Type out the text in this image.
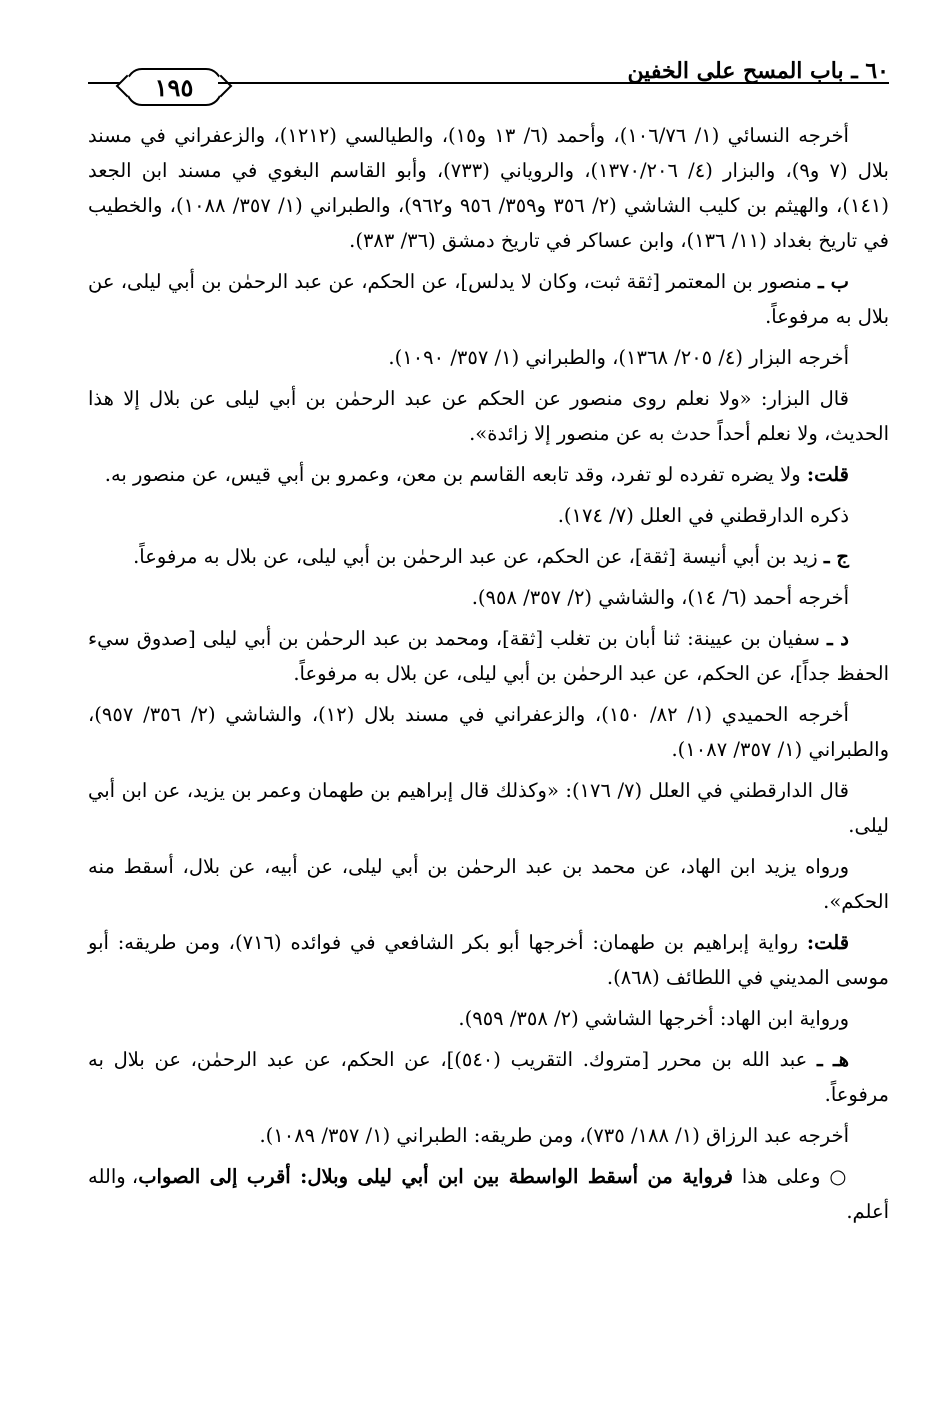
١٩٥
٦٠ ـ باب المسح على الخفين

أخرجه النسائي (١/ ١٠٦/٧٦)، وأحمد (٦/ ١٣ و١٥)، والطيالسي (١٢١٢)، والزعفراني في مسند بلال (٧ و٩)، والبزار (٤/ ١٣٧٠/٢٠٦)، والروياني (٧٣٣)، وأبو القاسم البغوي في مسند ابن الجعد (١٤١)، والهيثم بن كليب الشاشي (٢/ ٣٥٦ و٣٥٩/ ٩٥٦ و٩٦٢)، والطبراني (١/ ٣٥٧/ ١٠٨٨)، والخطيب في تاريخ بغداد (١١/ ١٣٦)، وابن عساكر في تاريخ دمشق (٣٦/ ٣٨٣).

ب ـ منصور بن المعتمر [ثقة ثبت، وكان لا يدلس]، عن الحكم، عن عبد الرحمٰن بن أبي ليلى، عن بلال به مرفوعاً.

أخرجه البزار (٤/ ٢٠٥/ ١٣٦٨)، والطبراني (١/ ٣٥٧/ ١٠٩٠).

قال البزار: «ولا نعلم روى منصور عن الحكم عن عبد الرحمٰن بن أبي ليلى عن بلال إلا هذا الحديث، ولا نعلم أحداً حدث به عن منصور إلا زائدة».

قلت: ولا يضره تفرده لو تفرد، وقد تابعه القاسم بن معن، وعمرو بن أبي قيس، عن منصور به.

ذكره الدارقطني في العلل (٧/ ١٧٤).

ج ـ زيد بن أبي أنيسة [ثقة]، عن الحكم، عن عبد الرحمٰن بن أبي ليلى، عن بلال به مرفوعاً.

أخرجه أحمد (٦/ ١٤)، والشاشي (٢/ ٣٥٧/ ٩٥٨).

د ـ سفيان بن عيينة: ثنا أبان بن تغلب [ثقة]، ومحمد بن عبد الرحمٰن بن أبي ليلى [صدوق سيء الحفظ جداً]، عن الحكم، عن عبد الرحمٰن بن أبي ليلى، عن بلال به مرفوعاً.

أخرجه الحميدي (١/ ٨٢/ ١٥٠)، والزعفراني في مسند بلال (١٢)، والشاشي (٢/ ٣٥٦/ ٩٥٧)، والطبراني (١/ ٣٥٧/ ١٠٨٧).

قال الدارقطني في العلل (٧/ ١٧٦): «وكذلك قال إبراهيم بن طهمان وعمر بن يزيد، عن ابن أبي ليلى.

ورواه يزيد ابن الهاد، عن محمد بن عبد الرحمٰن بن أبي ليلى، عن أبيه، عن بلال، أسقط منه الحكم».

قلت: رواية إبراهيم بن طهمان: أخرجها أبو بكر الشافعي في فوائده (٧١٦)، ومن طريقه: أبو موسى المديني في اللطائف (٨٦٨).

ورواية ابن الهاد: أخرجها الشاشي (٢/ ٣٥٨/ ٩٥٩).

هـ ـ عبد الله بن محرر [متروك. التقريب (٥٤٠)]، عن الحكم، عن عبد الرحمٰن، عن بلال به مرفوعاً.

أخرجه عبد الرزاق (١/ ١٨٨/ ٧٣٥)، ومن طريقه: الطبراني (١/ ٣٥٧/ ١٠٨٩).

○ وعلى هذا فرواية من أسقط الواسطة بين ابن أبي ليلى وبلال: أقرب إلى الصواب، والله أعلم.
